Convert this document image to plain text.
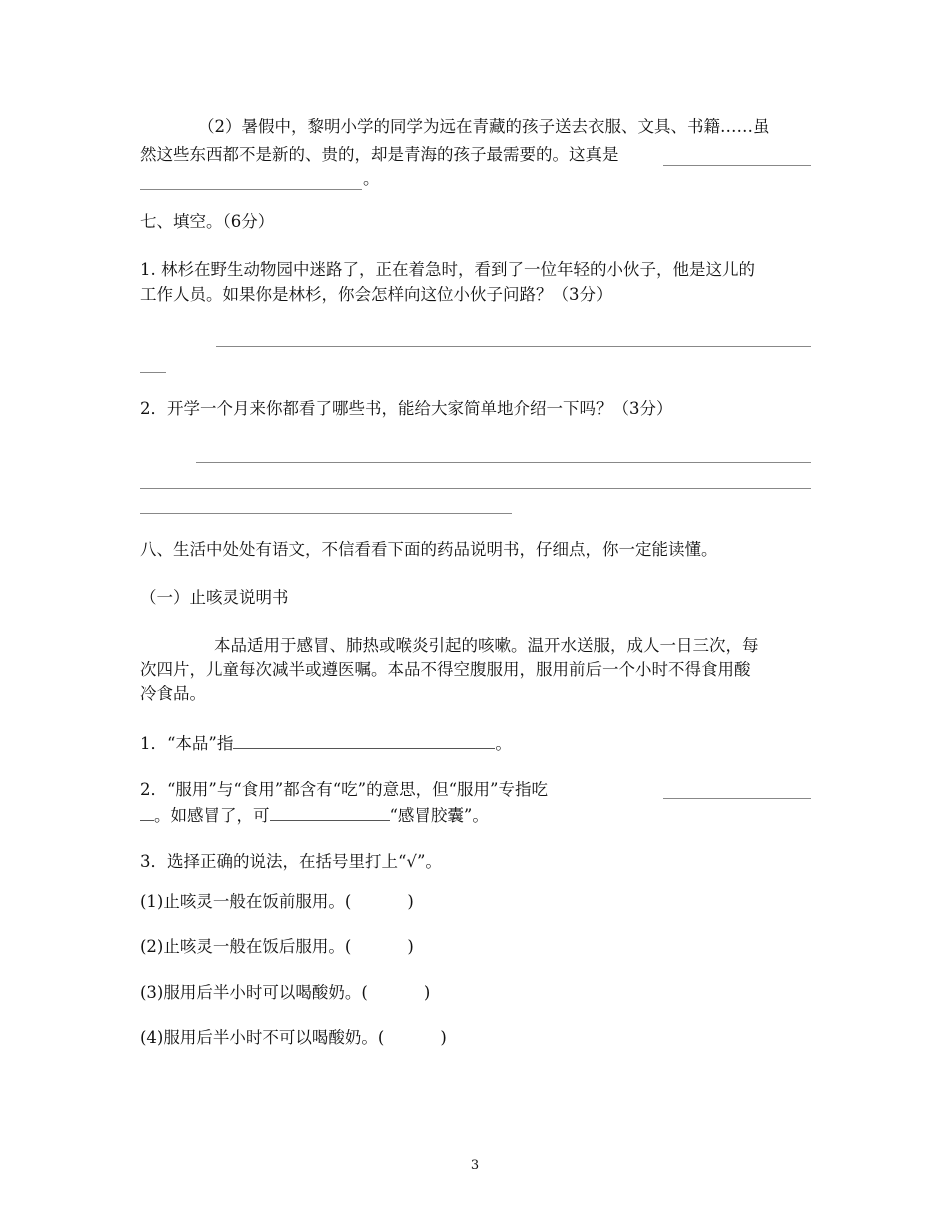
（2）暑假中，黎明小学的同学为远在青藏的孩子送去衣服、文具、书籍……虽
然这些东西都不是新的、贵的，却是青海的孩子最需要的。这真是
。
七、填空。（6分）
1. 林杉在野生动物园中迷路了，正在着急时，看到了一位年轻的小伙子，他是这儿的
工作人员。如果你是林杉，你会怎样向这位小伙子问路？（3分）
2．开学一个月来你都看了哪些书，能给大家简单地介绍一下吗？（3分）
八、生活中处处有语文，不信看看下面的药品说明书，仔细点，你一定能读懂。
（一）止咳灵说明书
本品适用于感冒、肺热或喉炎引起的咳嗽。温开水送服，成人一日三次，每
次四片，儿童每次减半或遵医嘱。本品不得空腹服用，服用前后一个小时不得食用酸
冷食品。
1．“本品”指	。
2．“服用”与“食用”都含有“吃”的意思，但“服用”专指吃
。如感冒了，可	“感冒胶囊”。
3．选择正确的说法，在括号里打上“√”。
(1)止咳灵一般在饭前服用。(	)
(2)止咳灵一般在饭后服用。(	)
(3)服用后半小时可以喝酸奶。(	)
(4)服用后半小时不可以喝酸奶。(	)
3
